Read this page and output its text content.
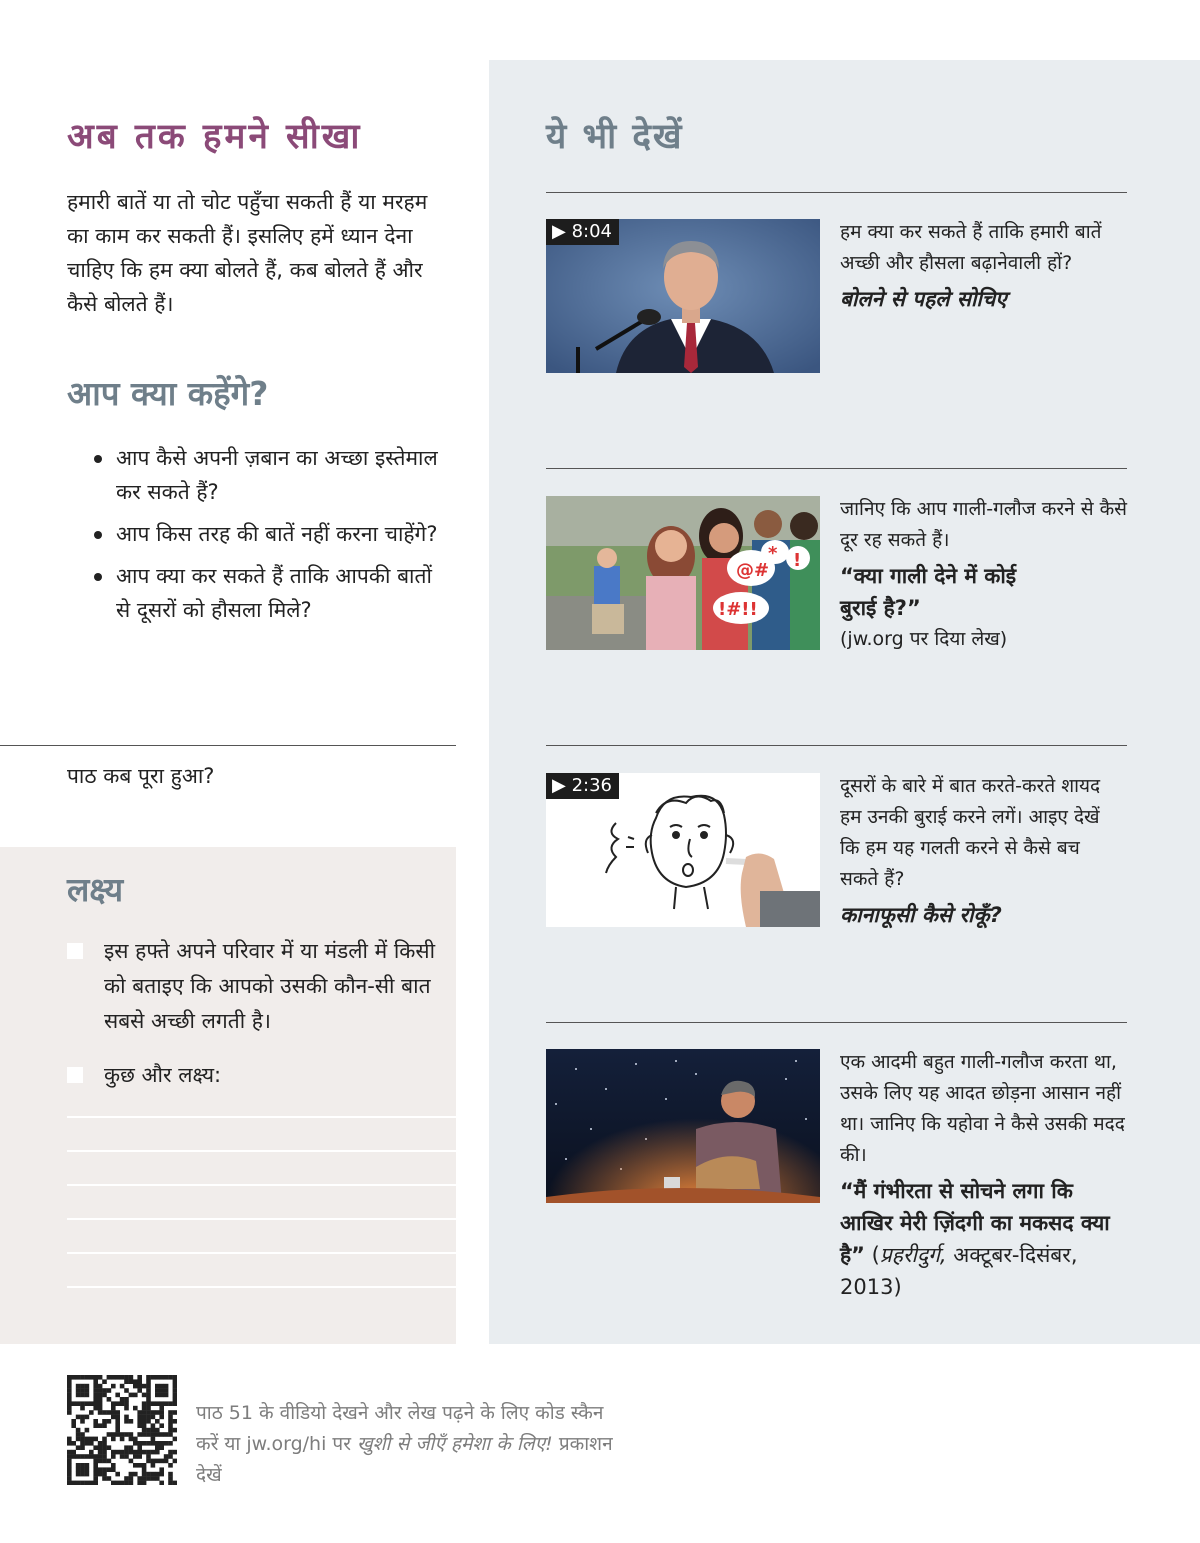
अब तक हमने सीखा
हमारी बातें या तो चोट पहुँचा सकती हैं या मरहम का काम कर सकती हैं। इसलिए हमें ध्यान देना चाहिए कि हम क्या बोलते हैं, कब बोलते हैं और कैसे बोलते हैं।
आप क्या कहेंगे?
आप कैसे अपनी ज़बान का अच्छा इस्तेमाल कर सकते हैं?
आप किस तरह की बातें नहीं करना चाहेंगे?
आप क्या कर सकते हैं ताकि आपकी बातों से दूसरों को हौसला मिले?
पाठ कब पूरा हुआ?
लक्ष्य
इस हफ्ते अपने परिवार में या मंडली में किसी को बताइए कि आपको उसकी कौन-सी बात सबसे अच्छी लगती है।
कुछ और लक्ष्य:
ये भी देखें
▶ 8:04	हम क्या कर सकते हैं ताकि हमारी बातें अच्छी और हौसला बढ़ानेवाली हों?
बोलने से पहले सोचिए
@#
* !
!#!!
जानिए कि आप गाली-गलौज करने से कैसे दूर रह सकते हैं।
“क्या गाली देने में कोई बुराई है?”
(jw.org पर दिया लेख)
▶ 2:36	दूसरों के बारे में बात करते-करते शायद हम उनकी बुराई करने लगें। आइए देखें कि हम यह गलती करने से कैसे बच सकते हैं?
कानाफूसी कैसे रोकूँ?
एक आदमी बहुत गाली-गलौज करता था, उसके लिए यह आदत छोड़ना आसान नहीं था। जानिए कि यहोवा ने कैसे उसकी मदद की।
“मैं गंभीरता से सोचने लगा कि आखिर मेरी ज़िंदगी का मकसद क्या है” (प्रहरीदुर्ग, अक्टूबर-दिसंबर, 2013)
पाठ 51 के वीडियो देखने और लेख पढ़ने के लिए कोड स्कैन करें या jw.org/hi पर खुशी से जीएँ हमेशा के लिए! प्रकाशन देखें
